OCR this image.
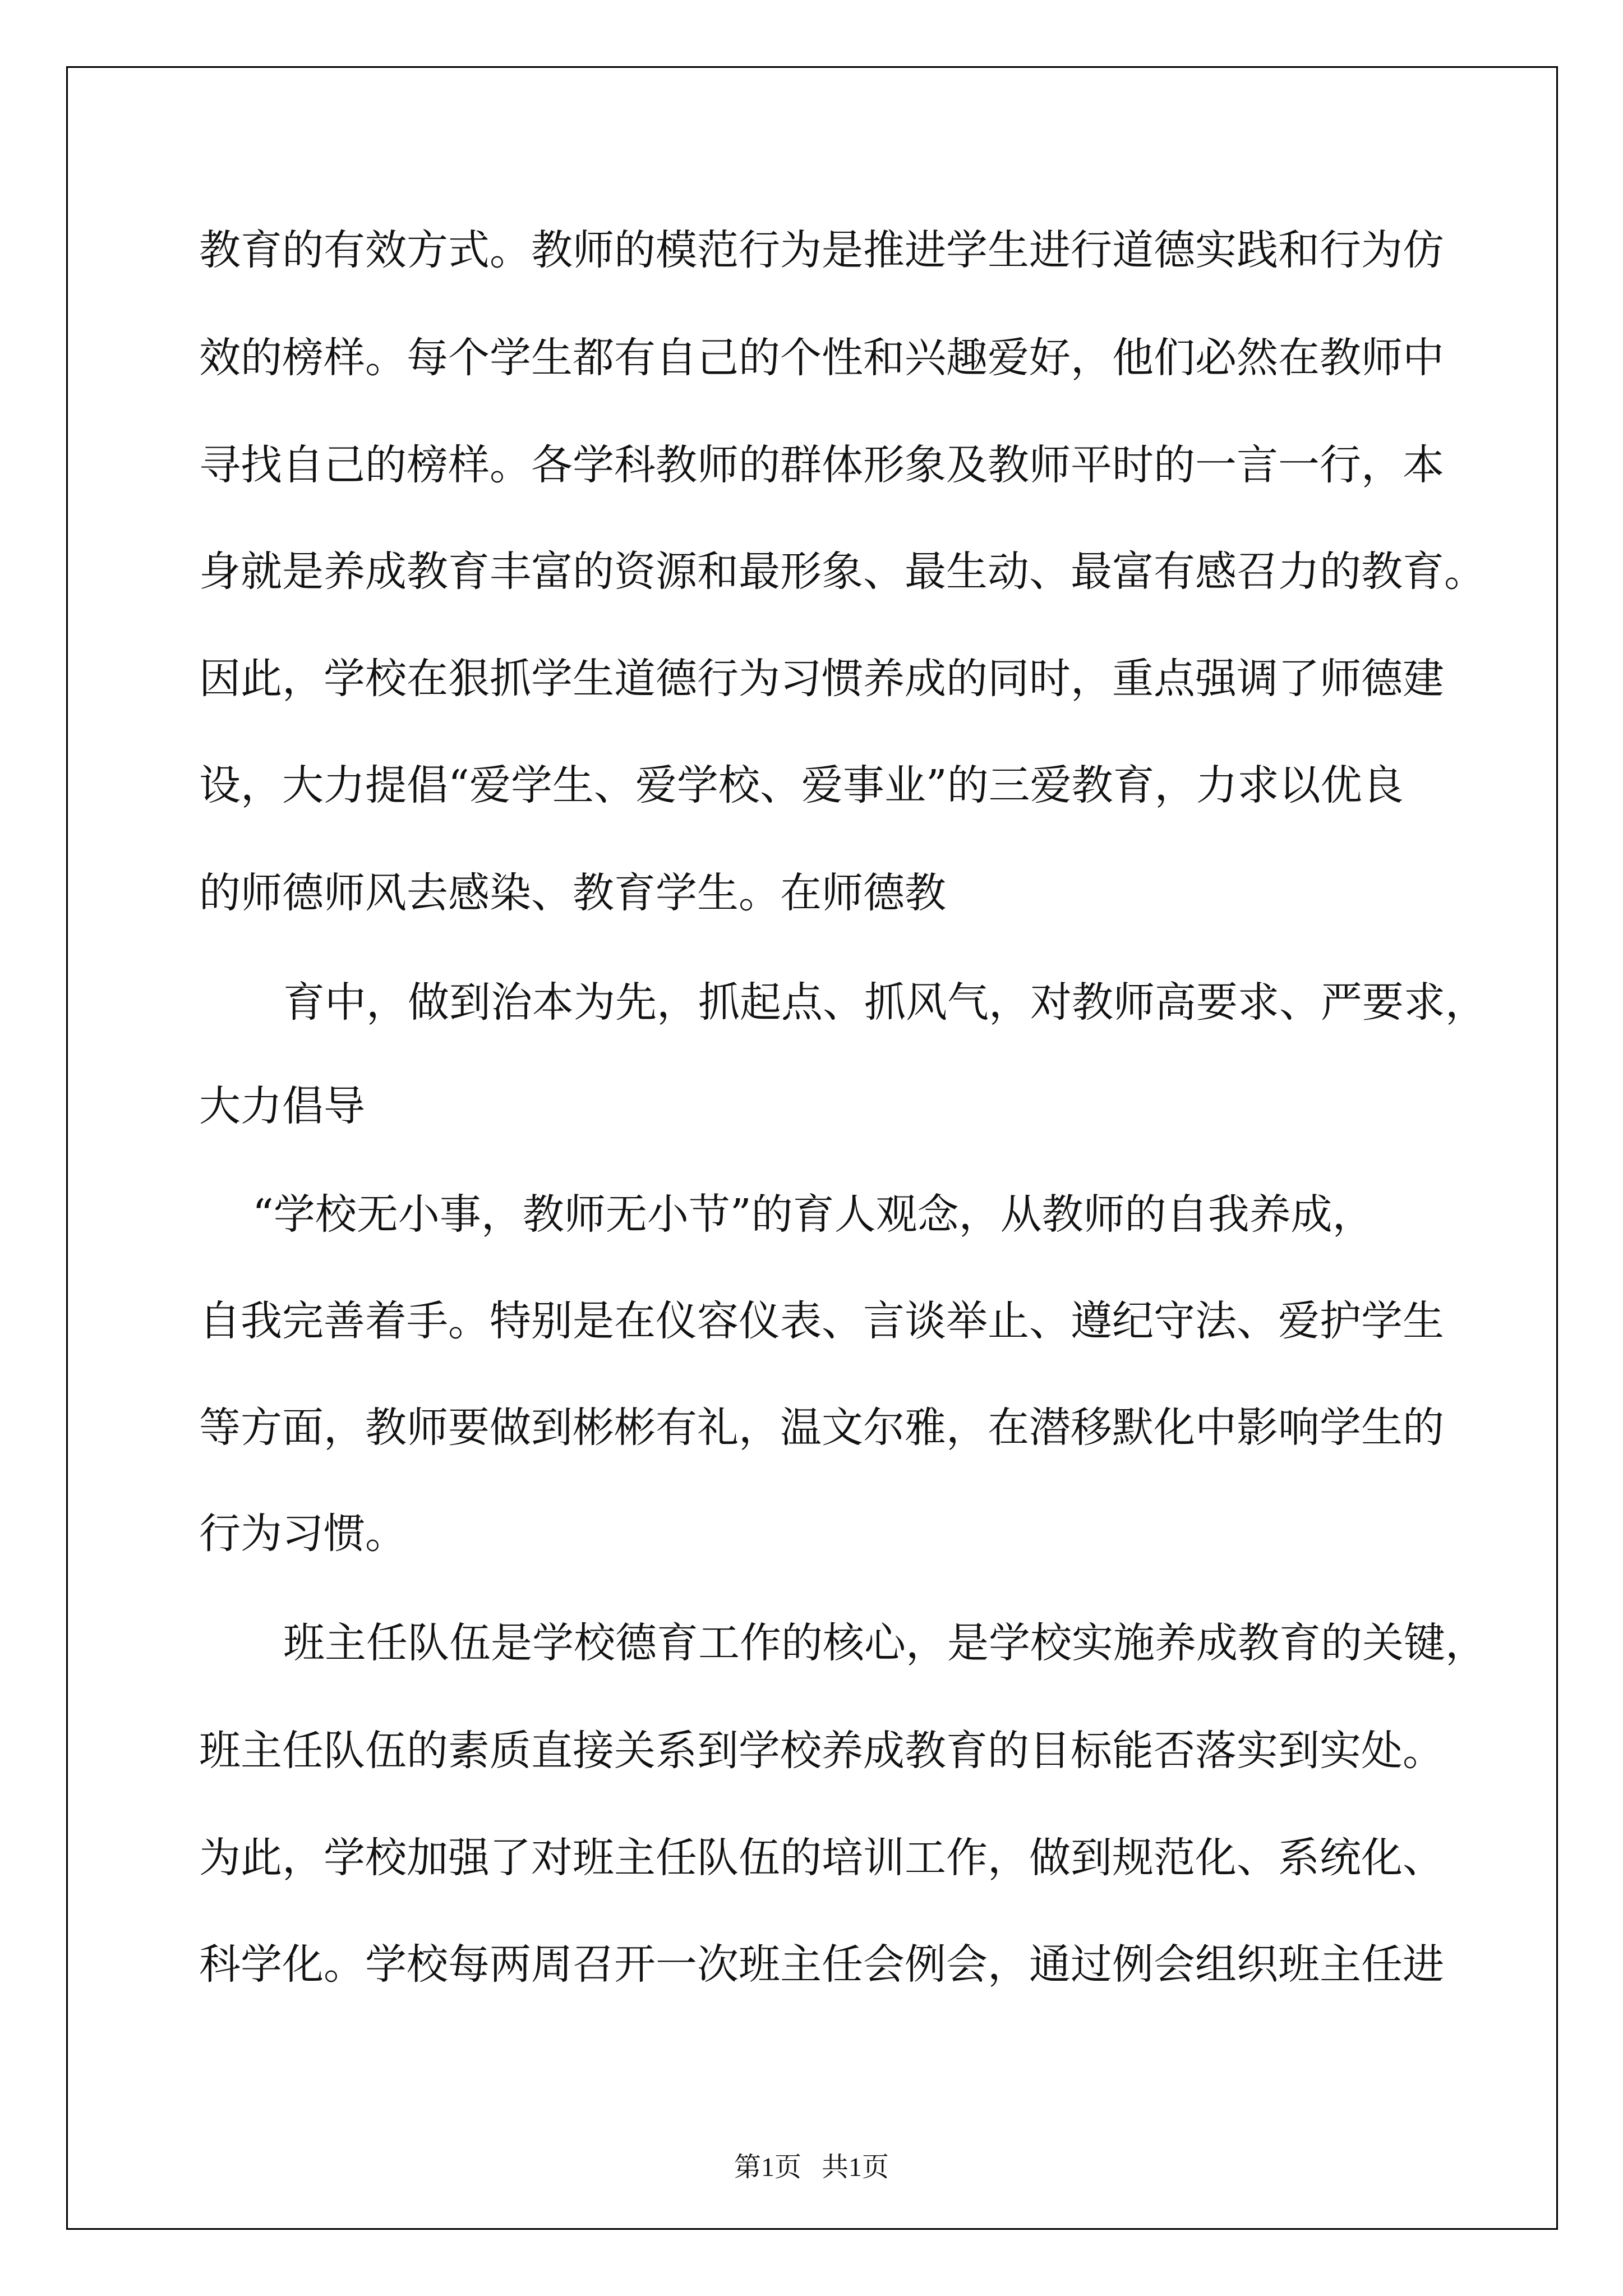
教育的有效方式。教师的模范行为是推进学生进行道德实践和行为仿

效的榜样。每个学生都有自己的个性和兴趣爱好，他们必然在教师中

寻找自己的榜样。各学科教师的群体形象及教师平时的一言一行，本

身就是养成教育丰富的资源和最形象、最生动、最富有感召力的教育。

因此，学校在狠抓学生道德行为习惯养成的同时，重点强调了师德建

设，大力提倡“爱学生、爱学校、爱事业”的三爱教育，力求以优良

的师德师风去感染、教育学生。在师德教

育中，做到治本为先，抓起点、抓风气，对教师高要求、严要求，

大力倡导

“学校无小事，教师无小节”的育人观念，从教师的自我养成，

自我完善着手。特别是在仪容仪表、言谈举止、遵纪守法、爱护学生

等方面，教师要做到彬彬有礼，温文尔雅，在潜移默化中影响学生的

行为习惯。

班主任队伍是学校德育工作的核心，是学校实施养成教育的关键，

班主任队伍的素质直接关系到学校养成教育的目标能否落实到实处。

为此，学校加强了对班主任队伍的培训工作，做到规范化、系统化、

科学化。学校每两周召开一次班主任会例会，通过例会组织班主任进

第1页   共1页
